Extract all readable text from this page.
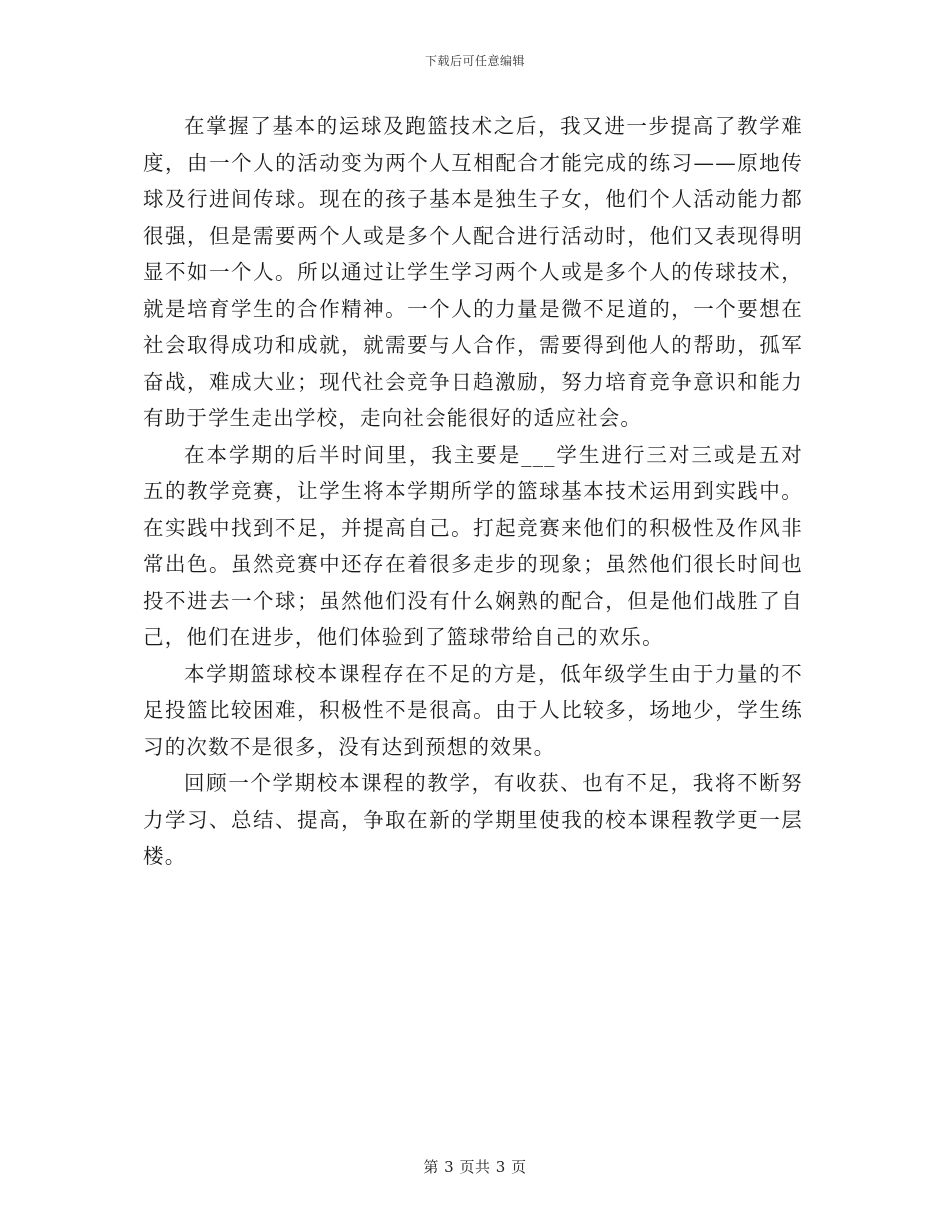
下载后可任意编辑

在掌握了基本的运球及跑篮技术之后，我又进一步提高了教学难度，由一个人的活动变为两个人互相配合才能完成的练习——原地传球及行进间传球。现在的孩子基本是独生子女，他们个人活动能力都很强，但是需要两个人或是多个人配合进行活动时，他们又表现得明显不如一个人。所以通过让学生学习两个人或是多个人的传球技术，就是培育学生的合作精神。一个人的力量是微不足道的，一个要想在社会取得成功和成就，就需要与人合作，需要得到他人的帮助，孤军奋战，难成大业；现代社会竞争日趋激励，努力培育竞争意识和能力有助于学生走出学校，走向社会能很好的适应社会。

在本学期的后半时间里，我主要是___学生进行三对三或是五对五的教学竞赛，让学生将本学期所学的篮球基本技术运用到实践中。在实践中找到不足，并提高自己。打起竞赛来他们的积极性及作风非常出色。虽然竞赛中还存在着很多走步的现象；虽然他们很长时间也投不进去一个球；虽然他们没有什么娴熟的配合，但是他们战胜了自己，他们在进步，他们体验到了篮球带给自己的欢乐。

本学期篮球校本课程存在不足的方是，低年级学生由于力量的不足投篮比较困难，积极性不是很高。由于人比较多，场地少，学生练习的次数不是很多，没有达到预想的效果。

回顾一个学期校本课程的教学，有收获、也有不足，我将不断努力学习、总结、提高，争取在新的学期里使我的校本课程教学更一层楼。

第 3 页共 3 页
